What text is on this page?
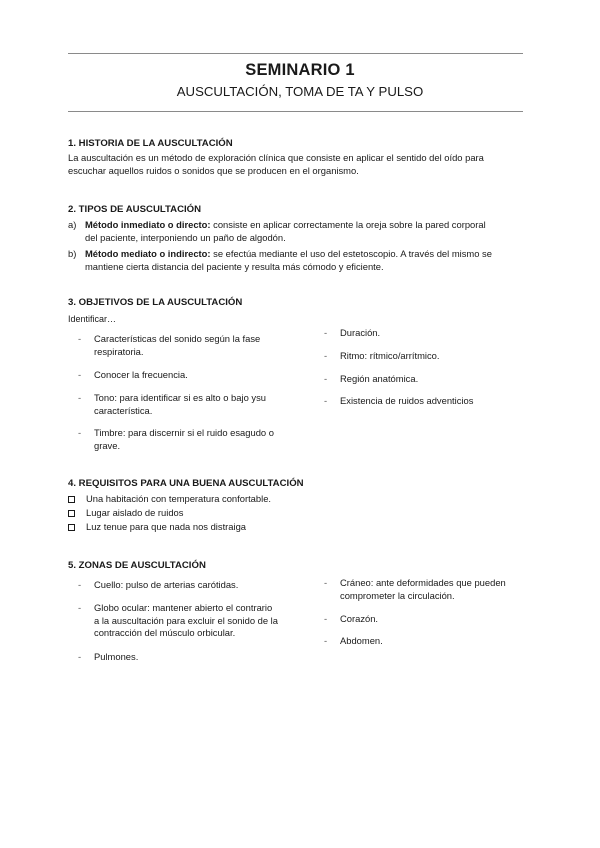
SEMINARIO 1
AUSCULTACIÓN, TOMA DE TA Y PULSO
1. HISTORIA DE LA AUSCULTACIÓN
La auscultación es un método de exploración clínica que consiste en aplicar el sentido del oído para
escuchar aquellos ruidos o sonidos que se producen en el organismo.
2. TIPOS DE AUSCULTACIÓN
a) Método inmediato o directo: consiste en aplicar correctamente la oreja sobre la pared corporal
del paciente, interponiendo un paño de algodón.
b) Método mediato o indirecto: se efectúa mediante el uso del estetoscopio. A través del mismo se
mantiene cierta distancia del paciente y resulta más cómodo y eficiente.
3. OBJETIVOS DE LA AUSCULTACIÓN
Identificar…
- Características del sonido según la fase
respiratoria.
- Conocer la frecuencia.
- Tono: para identificar si es alto o bajo ysu
característica.
- Timbre: para discernir si el ruido esagudo o
grave.
- Duración.
- Ritmo: rítmico/arrítmico.
- Región anatómica.
- Existencia de ruidos adventicios
4. REQUISITOS PARA UNA BUENA AUSCULTACIÓN
Una habitación con temperatura confortable.
Lugar aislado de ruidos
Luz tenue para que nada nos distraiga
5. ZONAS DE AUSCULTACIÓN
- Cuello: pulso de arterias carótidas.
- Globo ocular: mantener abierto el contrario
a la auscultación para excluir el sonido de la
contracción del músculo orbicular.
- Pulmones.
- Cráneo: ante deformidades que pueden
comprometer la circulación.
- Corazón.
- Abdomen.
